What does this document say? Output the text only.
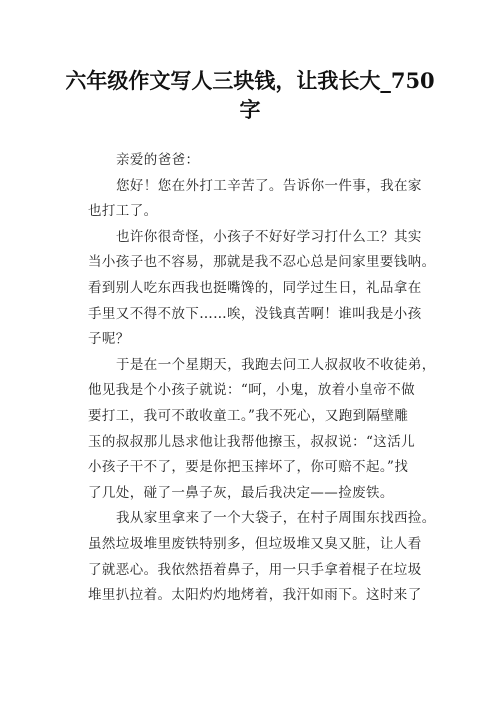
六年级作文写人三块钱，让我长大_750
字
亲爱的爸爸：
您好！您在外打工辛苦了。告诉你一件事，我在家
也打工了。
也许你很奇怪，小孩子不好好学习打什么工？其实
当小孩子也不容易，那就是我不忍心总是问家里要钱呐。
看到别人吃东西我也挺嘴馋的，同学过生日，礼品拿在
手里又不得不放下……唉，没钱真苦啊！谁叫我是小孩
子呢？
于是在一个星期天，我跑去问工人叔叔收不收徒弟，
他见我是个小孩子就说：“呵，小鬼，放着小皇帝不做
要打工，我可不敢收童工。”我不死心，又跑到隔壁雕
玉的叔叔那儿恳求他让我帮他擦玉，叔叔说：“这活儿
小孩子干不了，要是你把玉摔坏了，你可赔不起。”找
了几处，碰了一鼻子灰，最后我决定——捡废铁。
我从家里拿来了一个大袋子，在村子周围东找西捡。
虽然垃圾堆里废铁特别多，但垃圾堆又臭又脏，让人看
了就恶心。我依然捂着鼻子，用一只手拿着棍子在垃圾
堆里扒拉着。太阳灼灼地烤着，我汗如雨下。这时来了
